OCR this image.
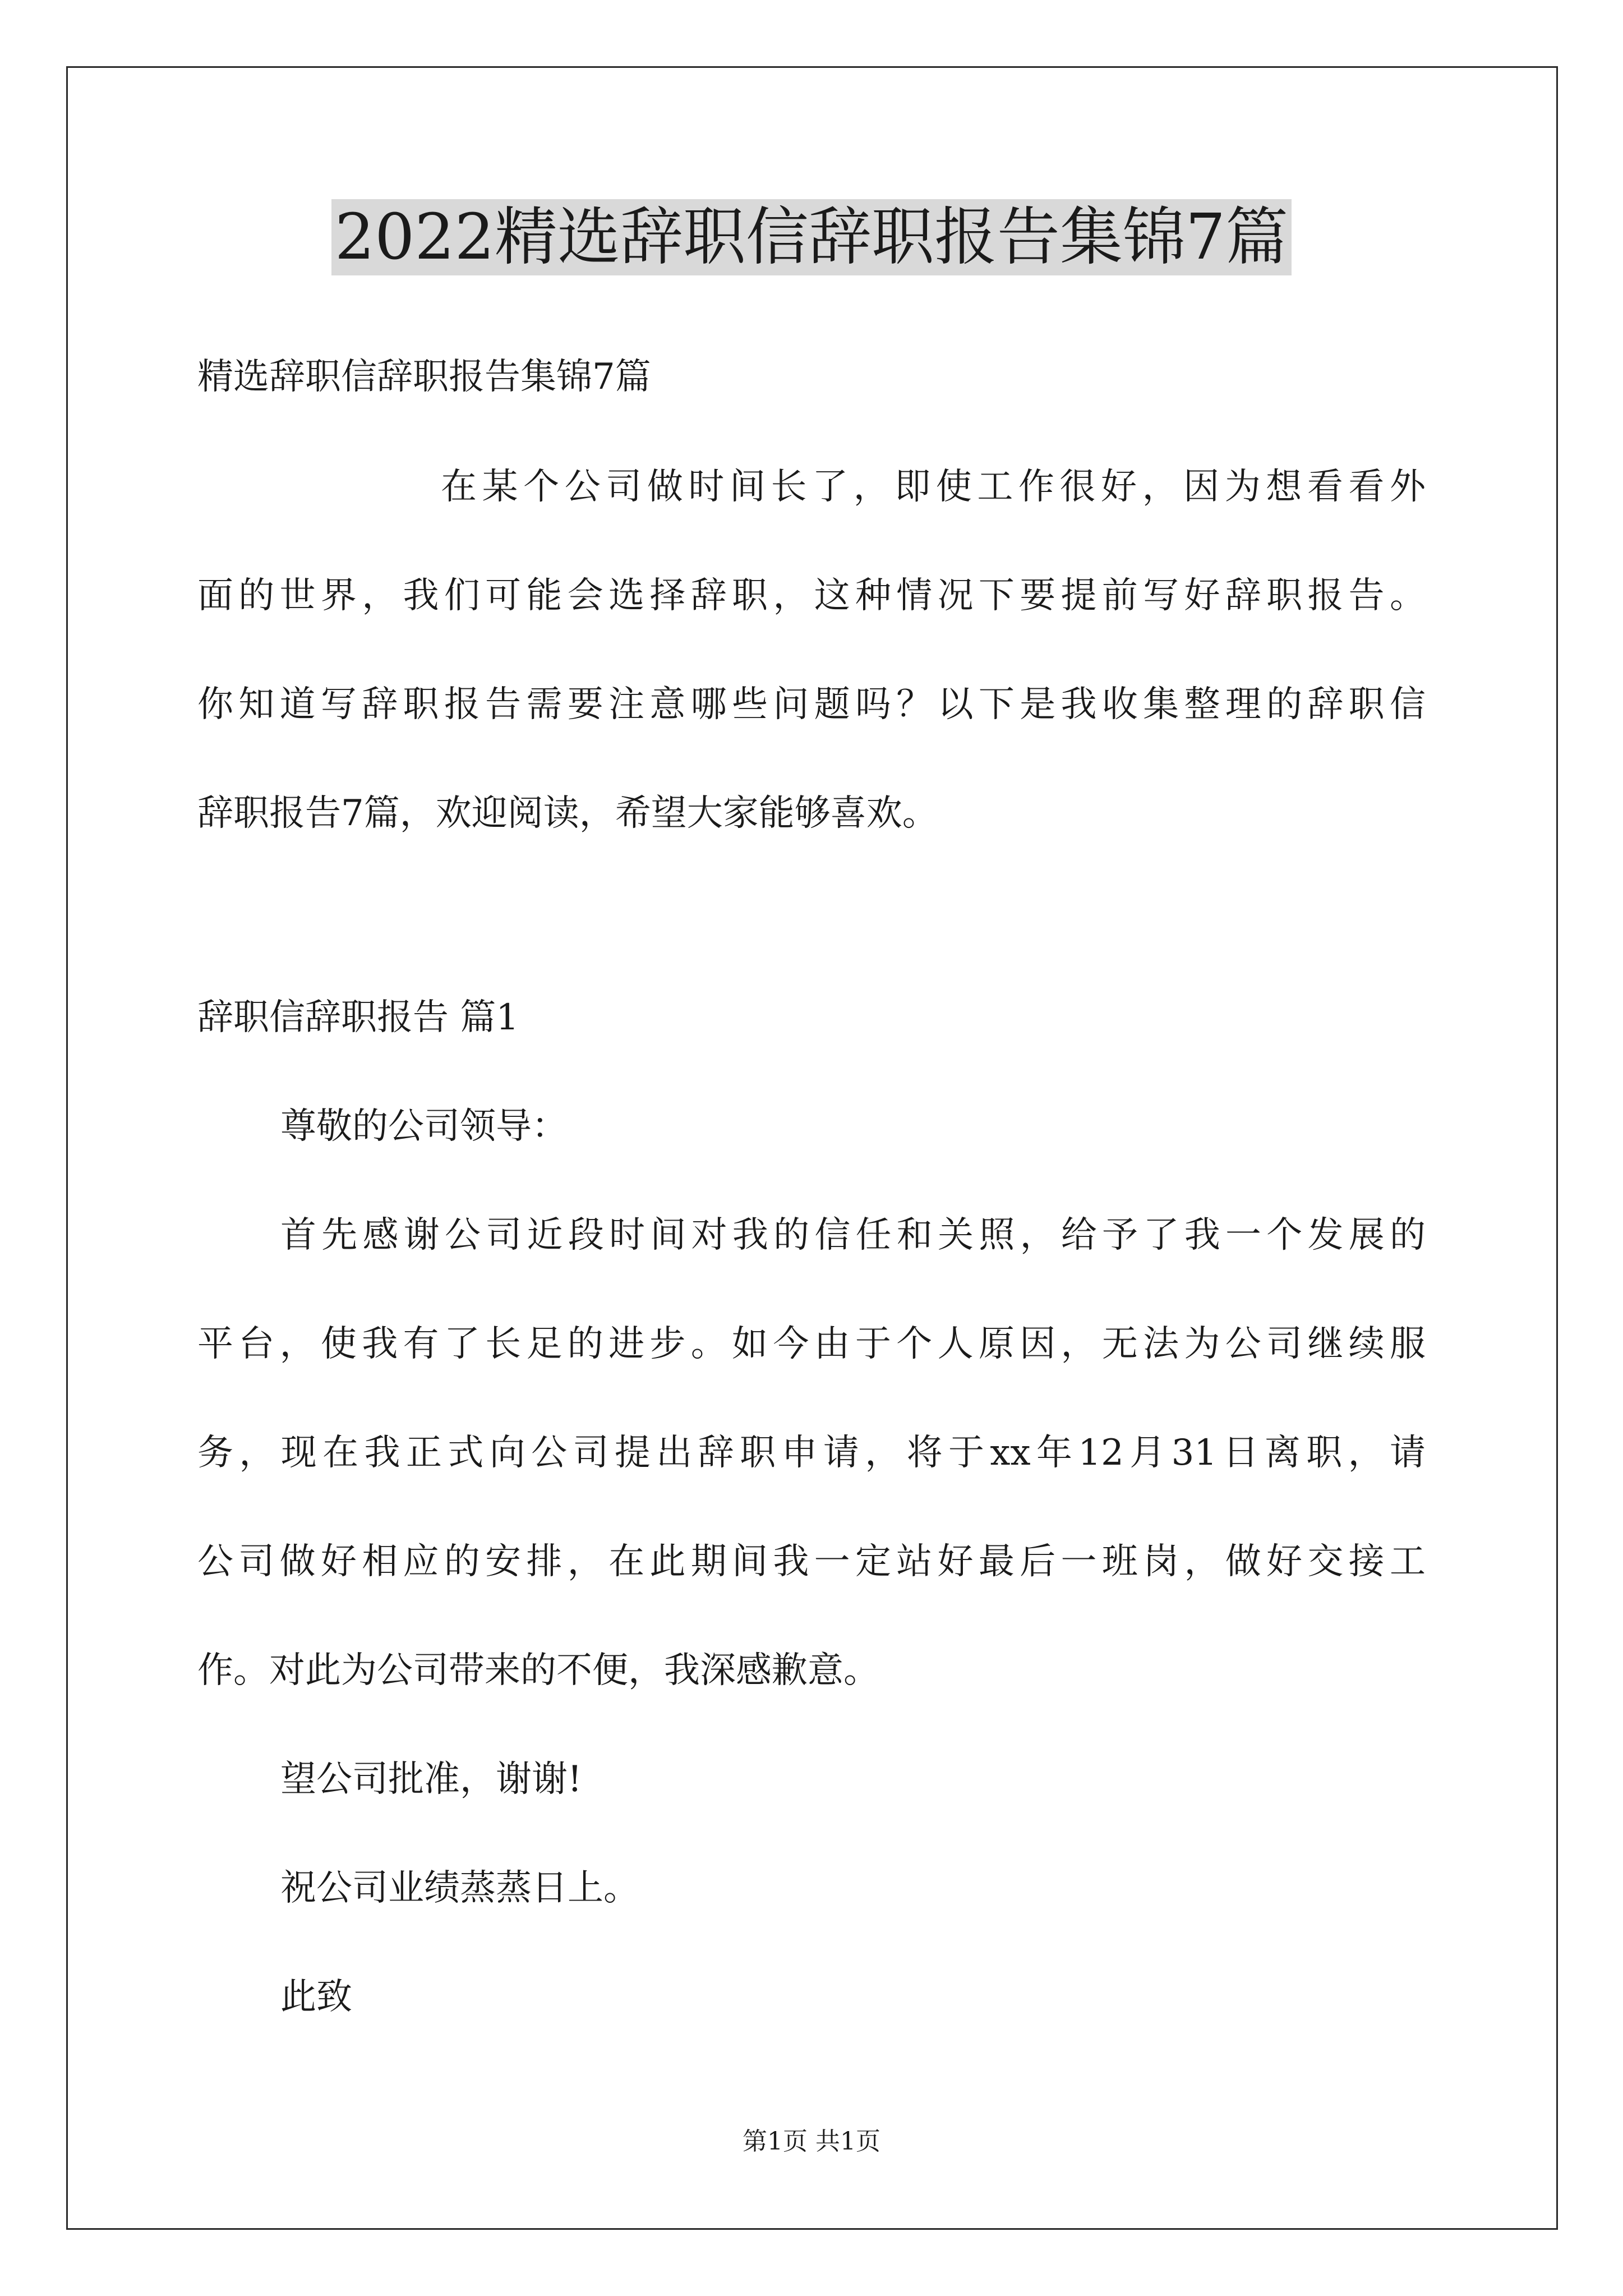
2022精选辞职信辞职报告集锦7篇
精选辞职信辞职报告集锦7篇
在某个公司做时间长了，即使工作很好，因为想看看外
面的世界，我们可能会选择辞职，这种情况下要提前写好辞职报告。
你知道写辞职报告需要注意哪些问题吗？以下是我收集整理的辞职信
辞职报告7篇，欢迎阅读，希望大家能够喜欢。
辞职信辞职报告 篇1
尊敬的公司领导：
首先感谢公司近段时间对我的信任和关照，给予了我一个发展的
平台，使我有了长足的进步。如今由于个人原因，无法为公司继续服
务，现在我正式向公司提出辞职申请，将于xx年12月31日离职，请
公司做好相应的安排，在此期间我一定站好最后一班岗，做好交接工
作。对此为公司带来的不便，我深感歉意。
望公司批准，谢谢!
祝公司业绩蒸蒸日上。
此致
第1页 共1页
